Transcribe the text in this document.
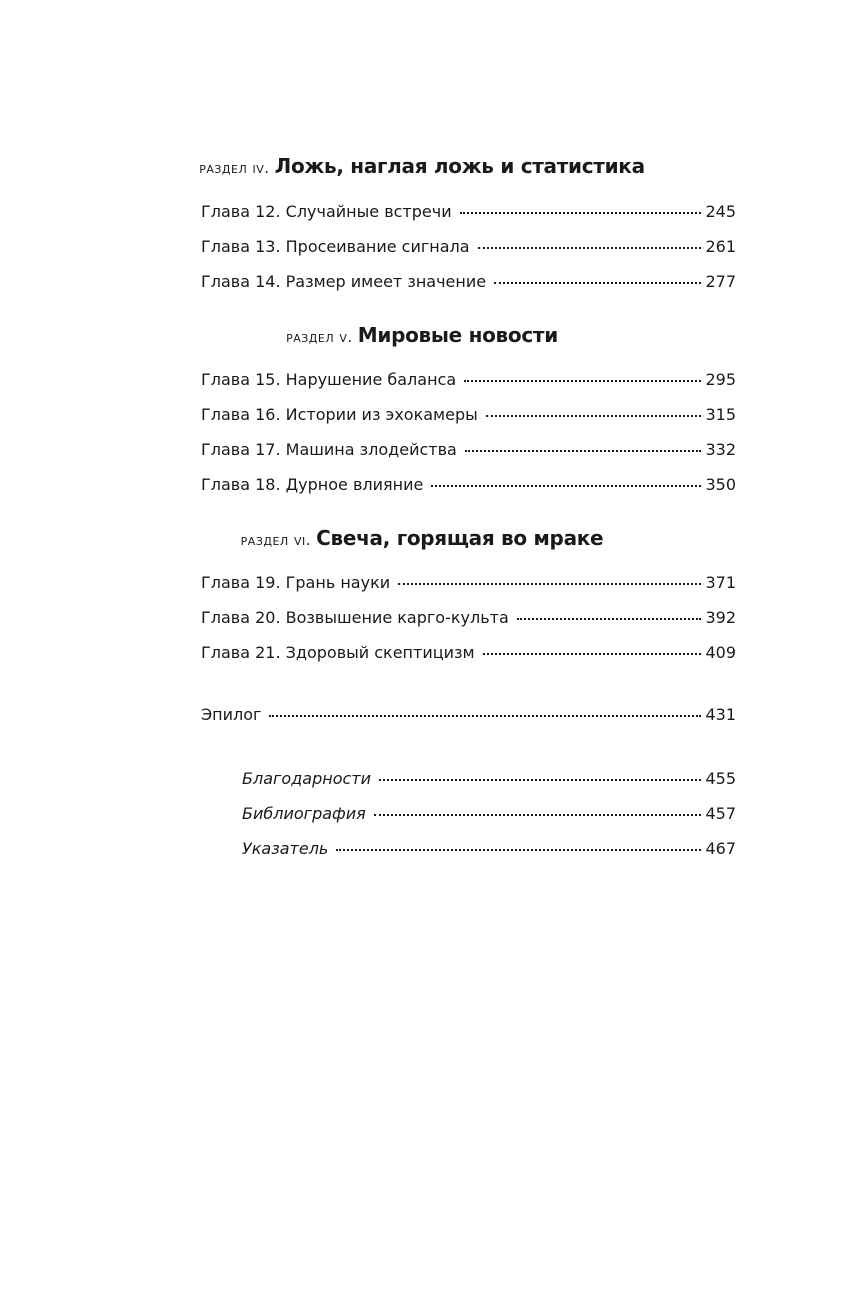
раздел iv. Ложь, наглая ложь и статистика
Глава 12. Случайные встречи	245
Глава 13. Просеивание сигнала	261
Глава 14. Размер имеет значение	277
раздел v. Мировые новости
Глава 15. Нарушение баланса	295
Глава 16. Истории из эхокамеры	315
Глава 17. Машина злодейства	332
Глава 18. Дурное влияние	350
раздел vi. Свеча, горящая во мраке
Глава 19. Грань науки	371
Глава 20. Возвышение карго-культа	392
Глава 21. Здоровый скептицизм	409
Эпилог	431
Благодарности	455
Библиография	457
Указатель	467
